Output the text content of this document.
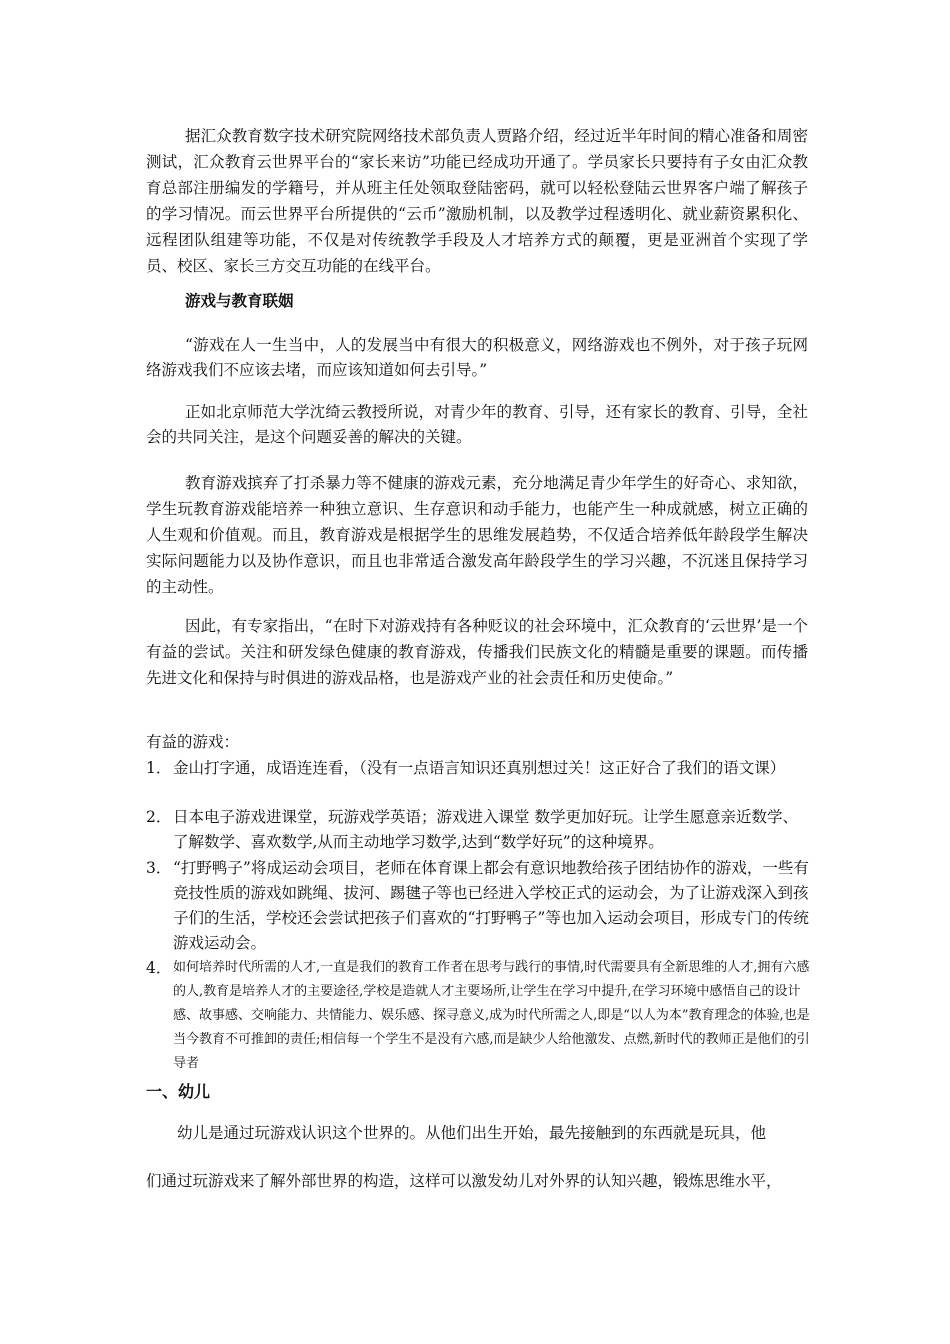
据汇众教育数字技术研究院网络技术部负责人贾路介绍，经过近半年时间的精心准备和周密测试，汇众教育云世界平台的“家长来访”功能已经成功开通了。学员家长只要持有子女由汇众教育总部注册编发的学籍号，并从班主任处领取登陆密码，就可以轻松登陆云世界客户端了解孩子的学习情况。而云世界平台所提供的“云币”激励机制，以及教学过程透明化、就业薪资累积化、远程团队组建等功能，不仅是对传统教学手段及人才培养方式的颠覆，更是亚洲首个实现了学员、校区、家长三方交互功能的在线平台。
游戏与教育联姻
“游戏在人一生当中，人的发展当中有很大的积极意义，网络游戏也不例外，对于孩子玩网络游戏我们不应该去堵，而应该知道如何去引导。”
正如北京师范大学沈绮云教授所说，对青少年的教育、引导，还有家长的教育、引导，全社会的共同关注，是这个问题妥善的解决的关键。
教育游戏摈弃了打杀暴力等不健康的游戏元素，充分地满足青少年学生的好奇心、求知欲，学生玩教育游戏能培养一种独立意识、生存意识和动手能力，也能产生一种成就感，树立正确的人生观和价值观。而且，教育游戏是根据学生的思维发展趋势，不仅适合培养低年龄段学生解决实际问题能力以及协作意识，而且也非常适合激发高年龄段学生的学习兴趣，不沉迷且保持学习的主动性。
因此，有专家指出，“在时下对游戏持有各种贬议的社会环境中，汇众教育的‘云世界’是一个有益的尝试。关注和研发绿色健康的教育游戏，传播我们民族文化的精髓是重要的课题。而传播先进文化和保持与时俱进的游戏品格，也是游戏产业的社会责任和历史使命。”
有益的游戏：
1． 金山打字通，成语连连看，（没有一点语言知识还真别想过关！这正好合了我们的语文课）
2． 日本电子游戏进课堂，玩游戏学英语；游戏进入课堂 数学更加好玩。让学生愿意亲近数学、了解数学、喜欢数学,从而主动地学习数学,达到“数学好玩”的这种境界。
3． “打野鸭子”将成运动会项目，老师在体育课上都会有意识地教给孩子团结协作的游戏，一些有竞技性质的游戏如跳绳、拔河、踢毽子等也已经进入学校正式的运动会，为了让游戏深入到孩子们的生活，学校还会尝试把孩子们喜欢的“打野鸭子”等也加入运动会项目，形成专门的传统游戏运动会。
4． 如何培养时代所需的人才,一直是我们的教育工作者在思考与践行的事情,时代需要具有全新思维的人才,拥有六感的人,教育是培养人才的主要途径,学校是造就人才主要场所,让学生在学习中提升,在学习环境中感悟自己的设计感、故事感、交响能力、共情能力、娱乐感、探寻意义,成为时代所需之人,即是“以人为本”教育理念的体验,也是当今教育不可推卸的责任;相信每一个学生不是没有六感,而是缺少人给他激发、点燃,新时代的教师正是他们的引导者
一、幼儿
幼儿是通过玩游戏认识这个世界的。从他们出生开始，最先接触到的东西就是玩具，他
们通过玩游戏来了解外部世界的构造，这样可以激发幼儿对外界的认知兴趣，锻炼思维水平，
